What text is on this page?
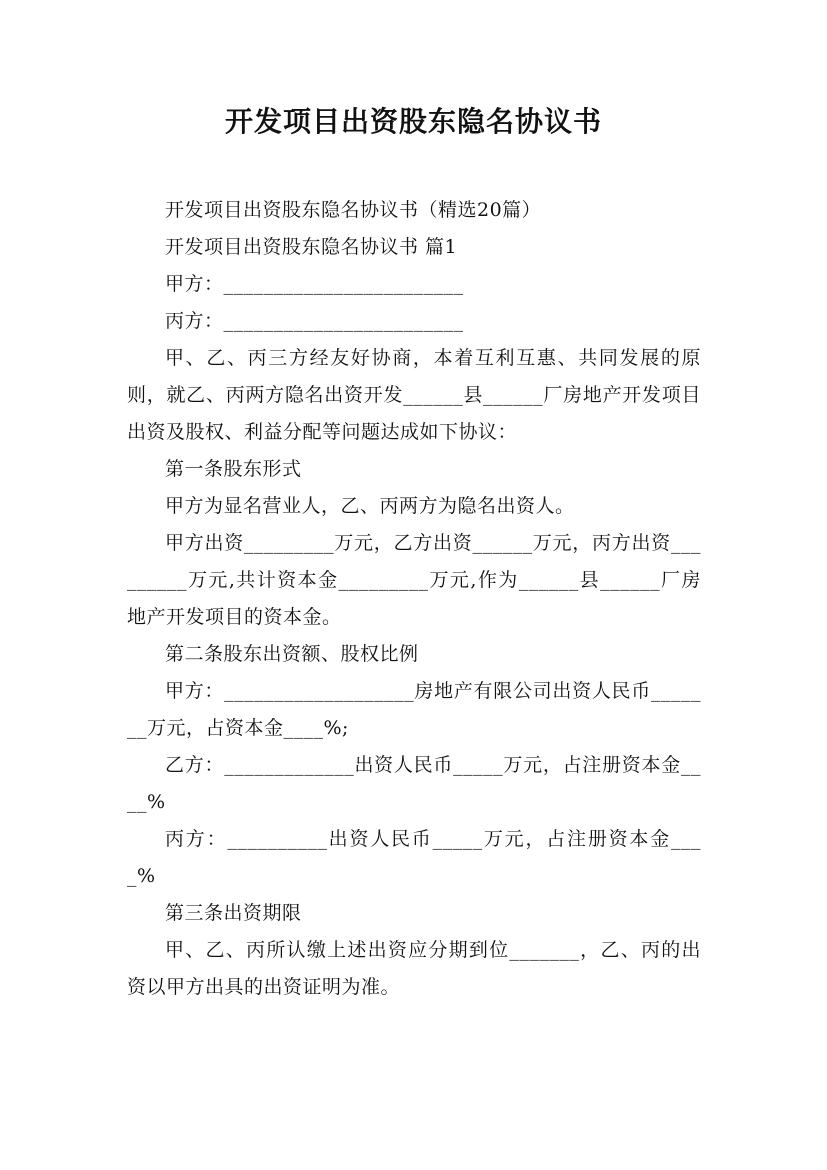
开发项目出资股东隐名协议书

开发项目出资股东隐名协议书（精选20篇）

开发项目出资股东隐名协议书 篇1

甲方：________________________

丙方：________________________

甲、乙、丙三方经友好协商，本着互利互惠、共同发展的原则，就乙、丙两方隐名出资开发______县______厂房地产开发项目出资及股权、利益分配等问题达成如下协议：

第一条股东形式

甲方为显名营业人，乙、丙两方为隐名出资人。

甲方出资_________万元，乙方出资______万元，丙方出资_________万元,共计资本金_________万元,作为______县______厂房地产开发项目的资本金。

第二条股东出资额、股权比例

甲方：___________________房地产有限公司出资人民币_______万元，占资本金____%;

乙方：_____________出资人民币_____万元，占注册资本金____%

丙方：__________出资人民币_____万元，占注册资本金____%

第三条出资期限

甲、乙、丙所认缴上述出资应分期到位_______，乙、丙的出资以甲方出具的出资证明为准。
